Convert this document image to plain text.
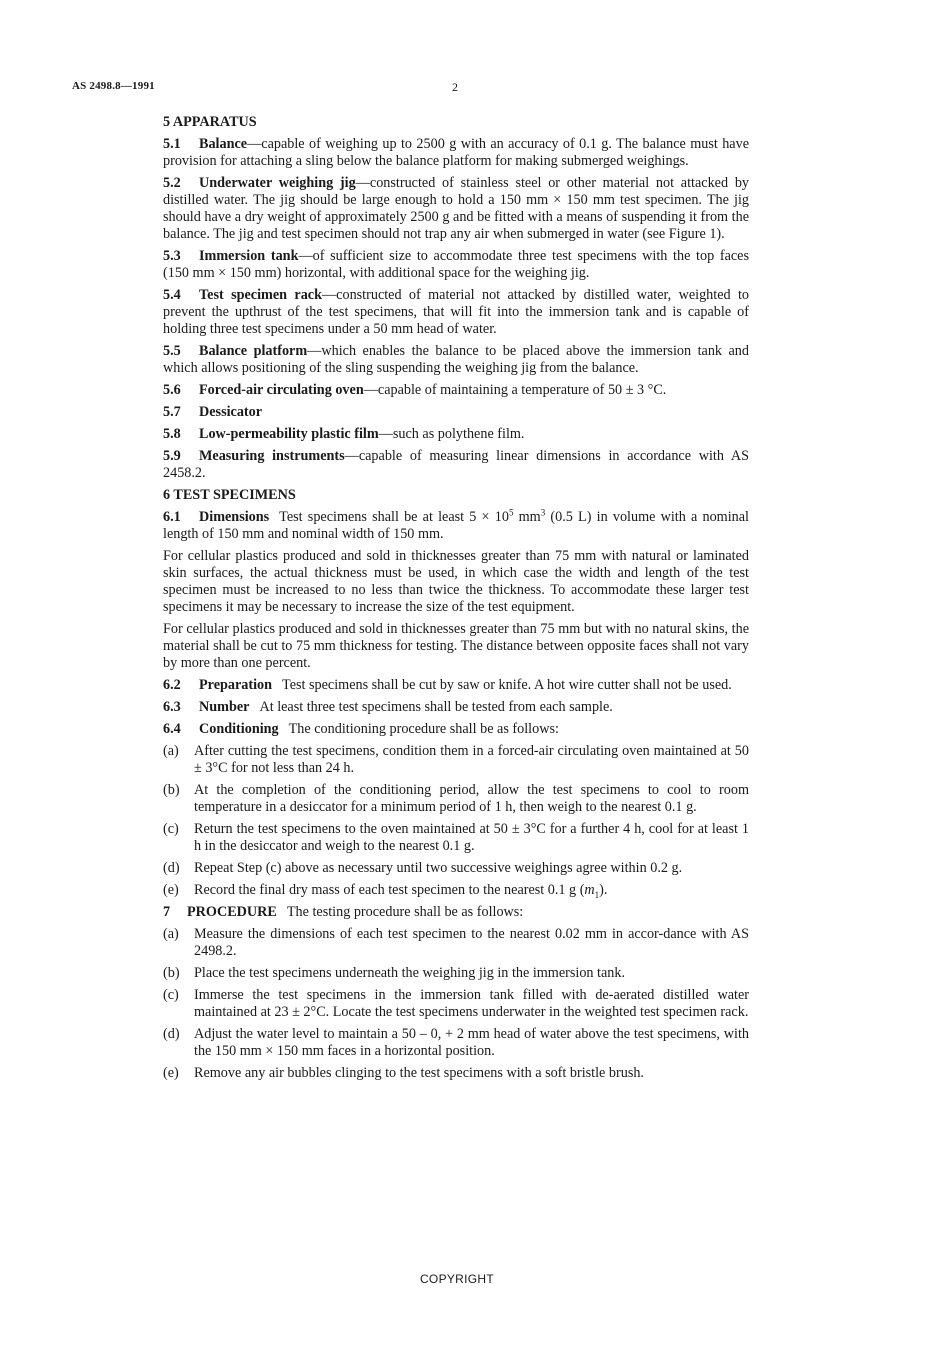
AS 2498.8—1991	2
5 APPARATUS
5.1 Balance—capable of weighing up to 2500 g with an accuracy of 0.1 g. The balance must have provision for attaching a sling below the balance platform for making submerged weighings.
5.2 Underwater weighing jig—constructed of stainless steel or other material not attacked by distilled water. The jig should be large enough to hold a 150 mm × 150 mm test specimen. The jig should have a dry weight of approximately 2500 g and be fitted with a means of suspending it from the balance. The jig and test specimen should not trap any air when submerged in water (see Figure 1).
5.3 Immersion tank—of sufficient size to accommodate three test specimens with the top faces (150 mm × 150 mm) horizontal, with additional space for the weighing jig.
5.4 Test specimen rack—constructed of material not attacked by distilled water, weighted to prevent the upthrust of the test specimens, that will fit into the immersion tank and is capable of holding three test specimens under a 50 mm head of water.
5.5 Balance platform—which enables the balance to be placed above the immersion tank and which allows positioning of the sling suspending the weighing jig from the balance.
5.6 Forced-air circulating oven—capable of maintaining a temperature of 50 ± 3 °C.
5.7 Dessicator
5.8 Low-permeability plastic film—such as polythene film.
5.9 Measuring instruments—capable of measuring linear dimensions in accordance with AS 2458.2.
6 TEST SPECIMENS
6.1 Dimensions Test specimens shall be at least $5 \times 10^5$ $mm^3$ (0.5 L) in volume with a nominal length of 150 mm and nominal width of 150 mm.
For cellular plastics produced and sold in thicknesses greater than 75 mm with natural or laminated skin surfaces, the actual thickness must be used, in which case the width and length of the test specimen must be increased to no less than twice the thickness. To accommodate these larger test specimens it may be necessary to increase the size of the test equipment.
For cellular plastics produced and sold in thicknesses greater than 75 mm but with no natural skins, the material shall be cut to 75 mm thickness for testing. The distance between opposite faces shall not vary by more than one percent.
6.2 Preparation Test specimens shall be cut by saw or knife. A hot wire cutter shall not be used.
6.3 Number At least three test specimens shall be tested from each sample.
6.4 Conditioning The conditioning procedure shall be as follows:
(a) After cutting the test specimens, condition them in a forced-air circulating oven maintained at 50 ± 3°C for not less than 24 h.
(b) At the completion of the conditioning period, allow the test specimens to cool to room temperature in a desiccator for a minimum period of 1 h, then weigh to the nearest 0.1 g.
(c) Return the test specimens to the oven maintained at 50 ± 3°C for a further 4 h, cool for at least 1 h in the desiccator and weigh to the nearest 0.1 g.
(d) Repeat Step (c) above as necessary until two successive weighings agree within 0.2 g.
(e) Record the final dry mass of each test specimen to the nearest 0.1 g $(m_1)$.
7 PROCEDURE The testing procedure shall be as follows:
(a) Measure the dimensions of each test specimen to the nearest 0.02 mm in accor-dance with AS 2498.2.
(b) Place the test specimens underneath the weighing jig in the immersion tank.
(c) Immerse the test specimens in the immersion tank filled with de-aerated distilled water maintained at 23 ± 2°C. Locate the test specimens underwater in the weighted test specimen rack.
(d) Adjust the water level to maintain a 50 – 0, + 2 mm head of water above the test specimens, with the 150 mm × 150 mm faces in a horizontal position.
(e) Remove any air bubbles clinging to the test specimens with a soft bristle brush.
COPYRIGHT
